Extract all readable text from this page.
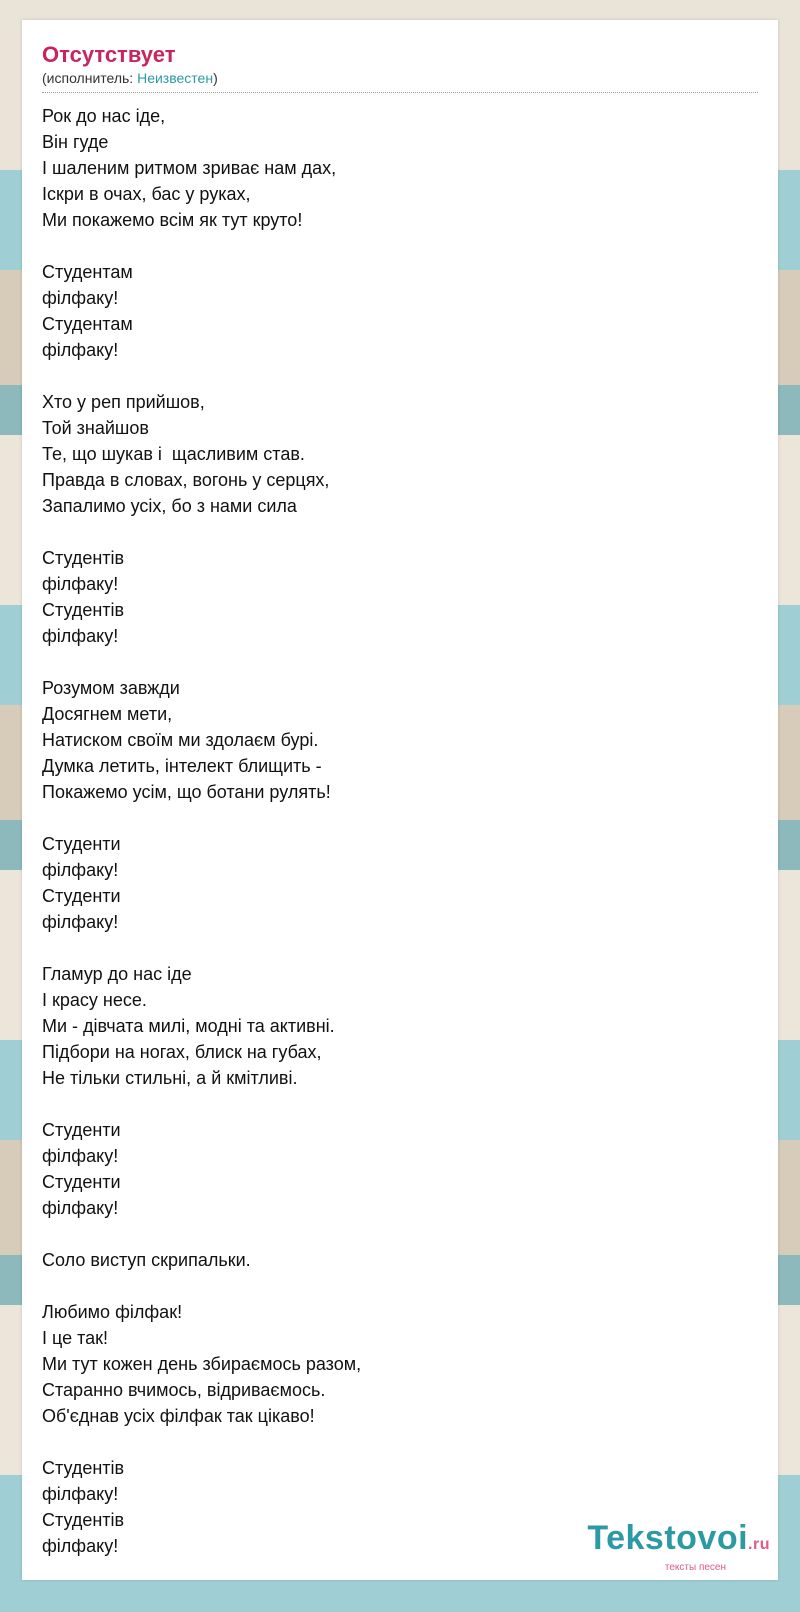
Отсутствует
(исполнитель: Неизвестен)
Рок до нас іде,
Він гуде
І шаленим ритмом зриває нам дах,
Іскри в очах, бас у руках,
Ми покажемо всім як тут круто!
Студентам
філфаку!
Студентам
філфаку!
Хто у реп прийшов,
Той знайшов
Те, що шукав і  щасливим став.
Правда в словах, вогонь у серцях,
Запалимо усіх, бо з нами сила
Студентів
філфаку!
Студентів
філфаку!
Розумом завжди
Досягнем мети,
Натиском своїм ми здолаєм бурі.
Думка летить, інтелект блищить -
Покажемо усім, що ботани рулять!
Студенти
філфаку!
Студенти
філфаку!
Гламур до нас іде
І красу несе.
Ми - дівчата милі, модні та активні.
Підбори на ногах, блиск на губах,
Не тільки стильні, а й кмітливі.
Студенти
філфаку!
Студенти
філфаку!
Соло виступ скрипальки.
Любимо філфак!
І це так!
Ми тут кожен день збираємось разом,
Старанно вчимось, відриваємось.
Об'єднав усіх філфак так цікаво!
Студентів
філфаку!
Студентів
філфаку!	Tekstovoi.ru
тексты песен
